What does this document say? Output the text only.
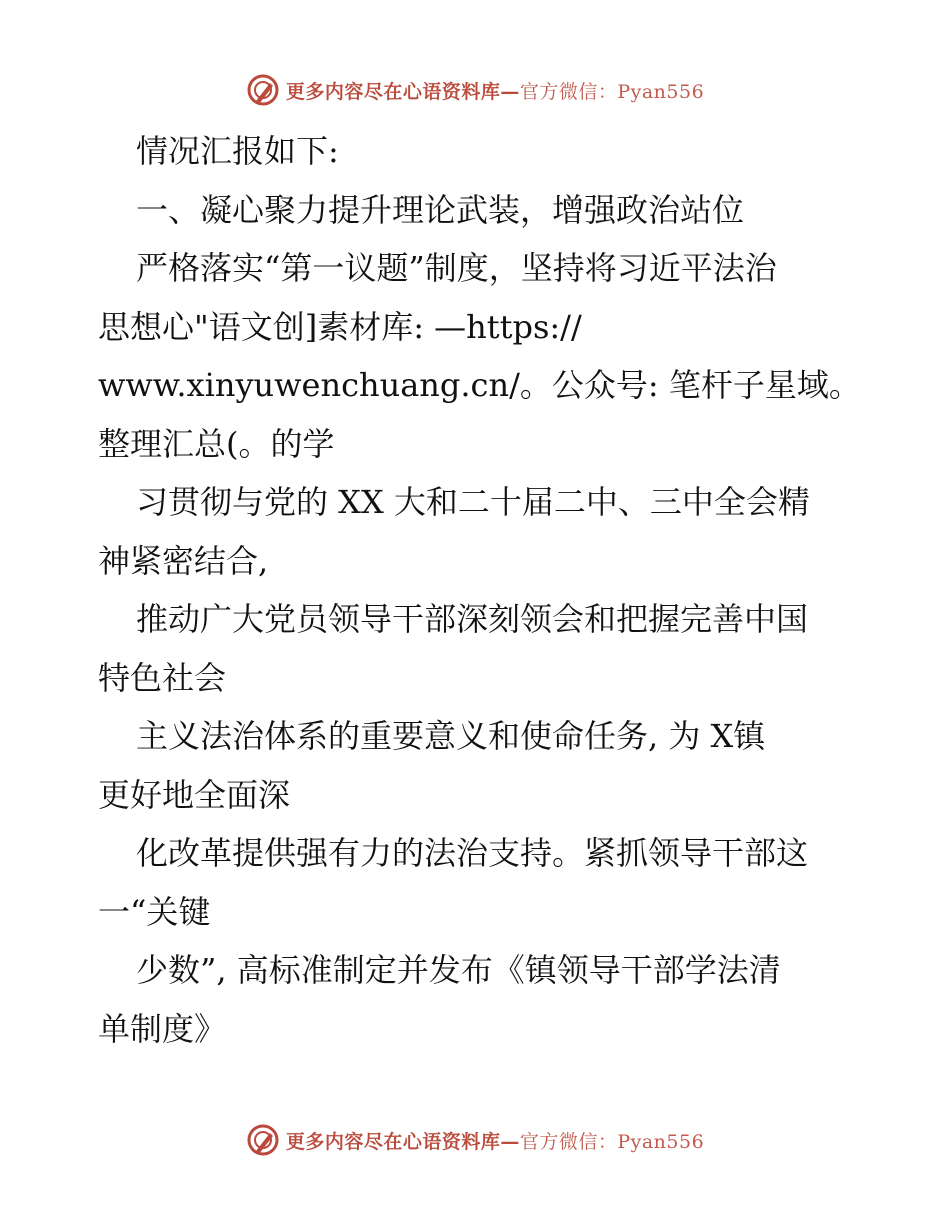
更多内容尽在心语资料库—官方微信：Pyan556
情况汇报如下:
一、凝心聚力提升理论武装，增强政治站位
严格落实“第一议题”制度，坚持将习近平法治
思想心"语文创]素材库: —https://
www.xinyuwenchuang.cn/。公众号: 笔杆子星域。
整理汇总(。的学
习贯彻与党的 XX 大和二十届二中、三中全会精
神紧密结合,
推动广大党员领导干部深刻领会和把握完善中国
特色社会
主义法治体系的重要意义和使命任务, 为 X镇
更好地全面深
化改革提供强有力的法治支持。紧抓领导干部这
一“关键
少数”, 高标准制定并发布《镇领导干部学法清
单制度》
更多内容尽在心语资料库—官方微信：Pyan556
